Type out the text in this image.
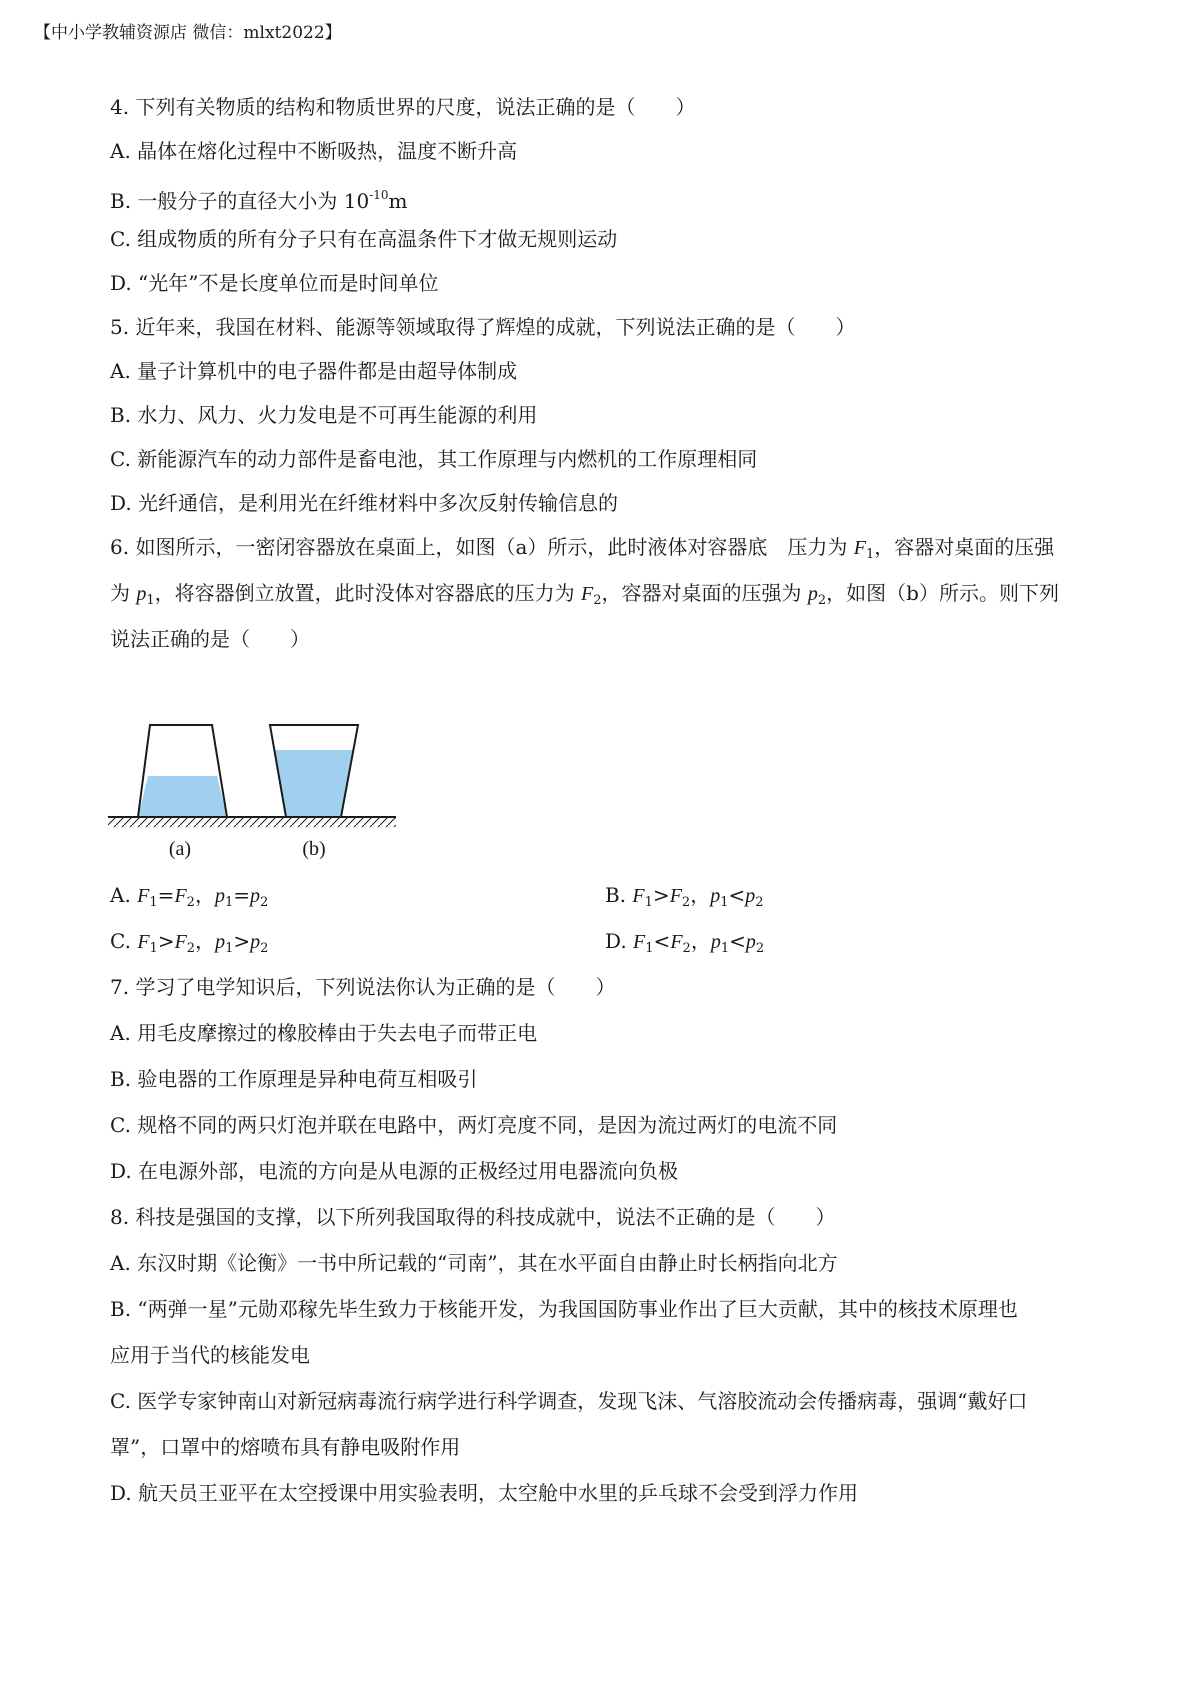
【中小学教辅资源店 微信：mlxt2022】
4. 下列有关物质的结构和物质世界的尺度，说法正确的是（　　）
A. 晶体在熔化过程中不断吸热，温度不断升高
B. 一般分子的直径大小为 $10^{-10}m$
C. 组成物质的所有分子只有在高温条件下才做无规则运动
D. “光年”不是长度单位而是时间单位
5. 近年来，我国在材料、能源等领域取得了辉煌的成就，下列说法正确的是（　　）
A. 量子计算机中的电子器件都是由超导体制成
B. 水力、风力、火力发电是不可再生能源的利用
C. 新能源汽车的动力部件是畜电池，其工作原理与内燃机的工作原理相同
D. 光纤通信，是利用光在纤维材料中多次反射传输信息的
6. 如图所示，一密闭容器放在桌面上，如图（a）所示，此时液体对容器底　压力为 $F_1$，容器对桌面的压强
为 $p_1$，将容器倒立放置，此时没体对容器底的压力为 $F_2$，容器对桌面的压强为 $p_2$，如图（b）所示。则下列
说法正确的是（　　）
(a)	(b)
A. $F_1=F_2$，$p_1=p_2$	B. $F_1>F_2$，$p_1<p_2$
C. $F_1>F_2$，$p_1>p_2$	D. $F_1<F_2$，$p_1<p_2$
7. 学习了电学知识后，下列说法你认为正确的是（　　）
A. 用毛皮摩擦过的橡胶棒由于失去电子而带正电
B. 验电器的工作原理是异种电荷互相吸引
C. 规格不同的两只灯泡并联在电路中，两灯亮度不同，是因为流过两灯的电流不同
D. 在电源外部，电流的方向是从电源的正极经过用电器流向负极
8. 科技是强国的支撑，以下所列我国取得的科技成就中，说法不正确的是（　　）
A. 东汉时期《论衡》一书中所记载的“司南”，其在水平面自由静止时长柄指向北方
B. “两弹一星”元勋邓稼先毕生致力于核能开发，为我国国防事业作出了巨大贡献，其中的核技术原理也
应用于当代的核能发电
C. 医学专家钟南山对新冠病毒流行病学进行科学调查，发现飞沫、气溶胶流动会传播病毒，强调“戴好口
罩”，口罩中的熔喷布具有静电吸附作用
D. 航天员王亚平在太空授课中用实验表明，太空舱中水里的乒乓球不会受到浮力作用
